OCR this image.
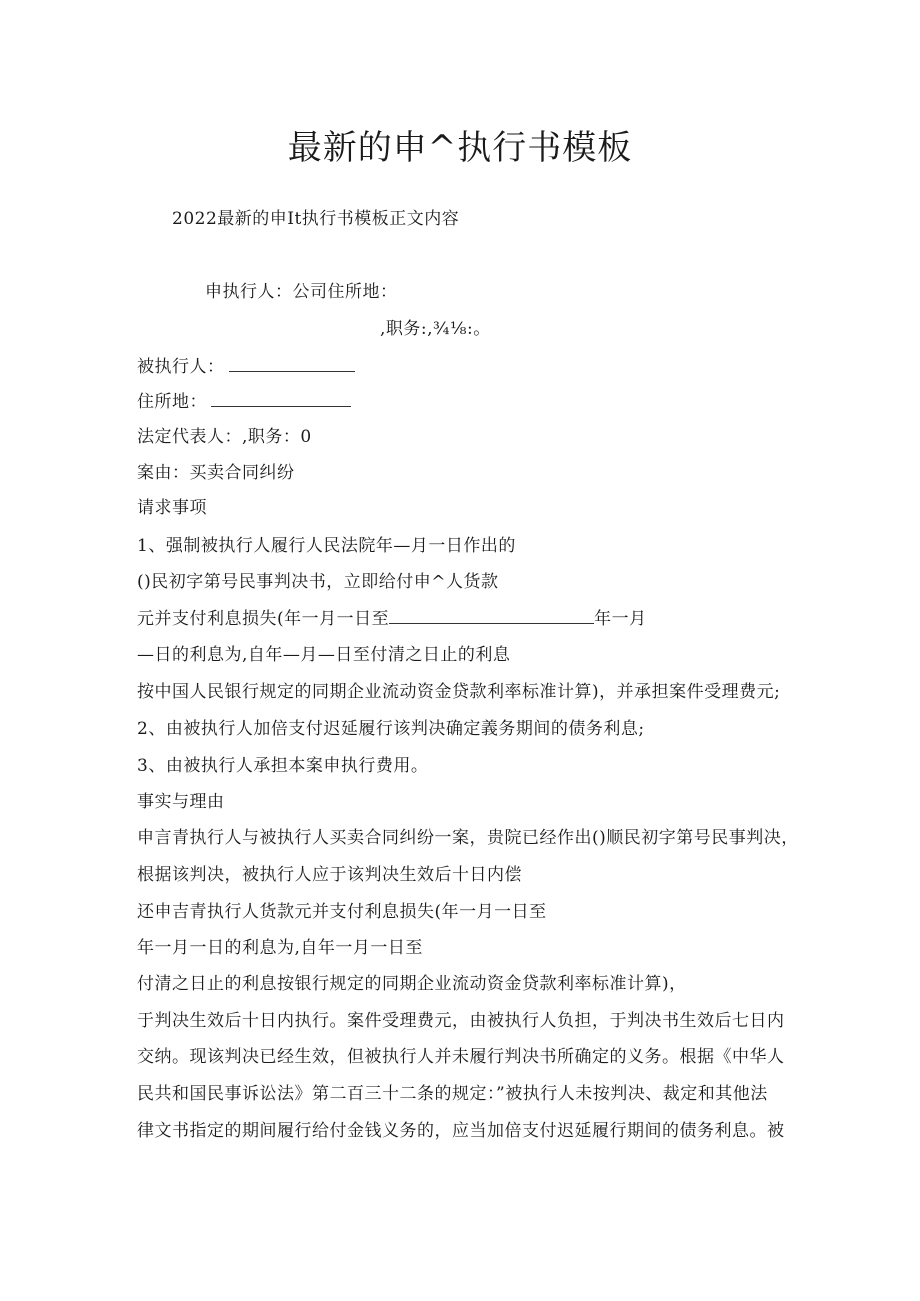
最新的申^执行书模板
2022最新的申It执行书模板正文内容
申执行人：公司住所地：
,职务:,¾⅛:。
被执行人：
住所地：
法定代表人：,职务：0
案由：买卖合同纠纷
请求事项
1、强制被执行人履行人民法院年—月一日作出的
()民初字第号民事判决书，立即给付申^人货款
元并支付利息损失(年一月一日至	年一月
—日的利息为,自年—月—日至付清之日止的利息
按中国人民银行规定的同期企业流动资金贷款利率标准计算)，并承担案件受理费元;
2、由被执行人加倍支付迟延履行该判决确定義务期间的债务利息;
3、由被执行人承担本案申执行费用。
事实与理由
申言青执行人与被执行人买卖合同纠纷一案，贵院已经作出()顺民初字第号民事判决，
根据该判决，被执行人应于该判决生效后十日内偿
还申吉青执行人货款元并支付利息损失(年一月一日至
年一月一日的利息为,自年一月一日至
付清之日止的利息按银行规定的同期企业流动资金贷款利率标准计算)，
于判决生效后十日内执行。案件受理费元，由被执行人负担，于判决书生效后七日内
交纳。现该判决已经生效，但被执行人并未履行判决书所确定的义务。根据《中华人
民共和国民事诉讼法》第二百三十二条的规定：”被执行人未按判决、裁定和其他法
律文书指定的期间履行给付金钱义务的，应当加倍支付迟延履行期间的债务利息。被
